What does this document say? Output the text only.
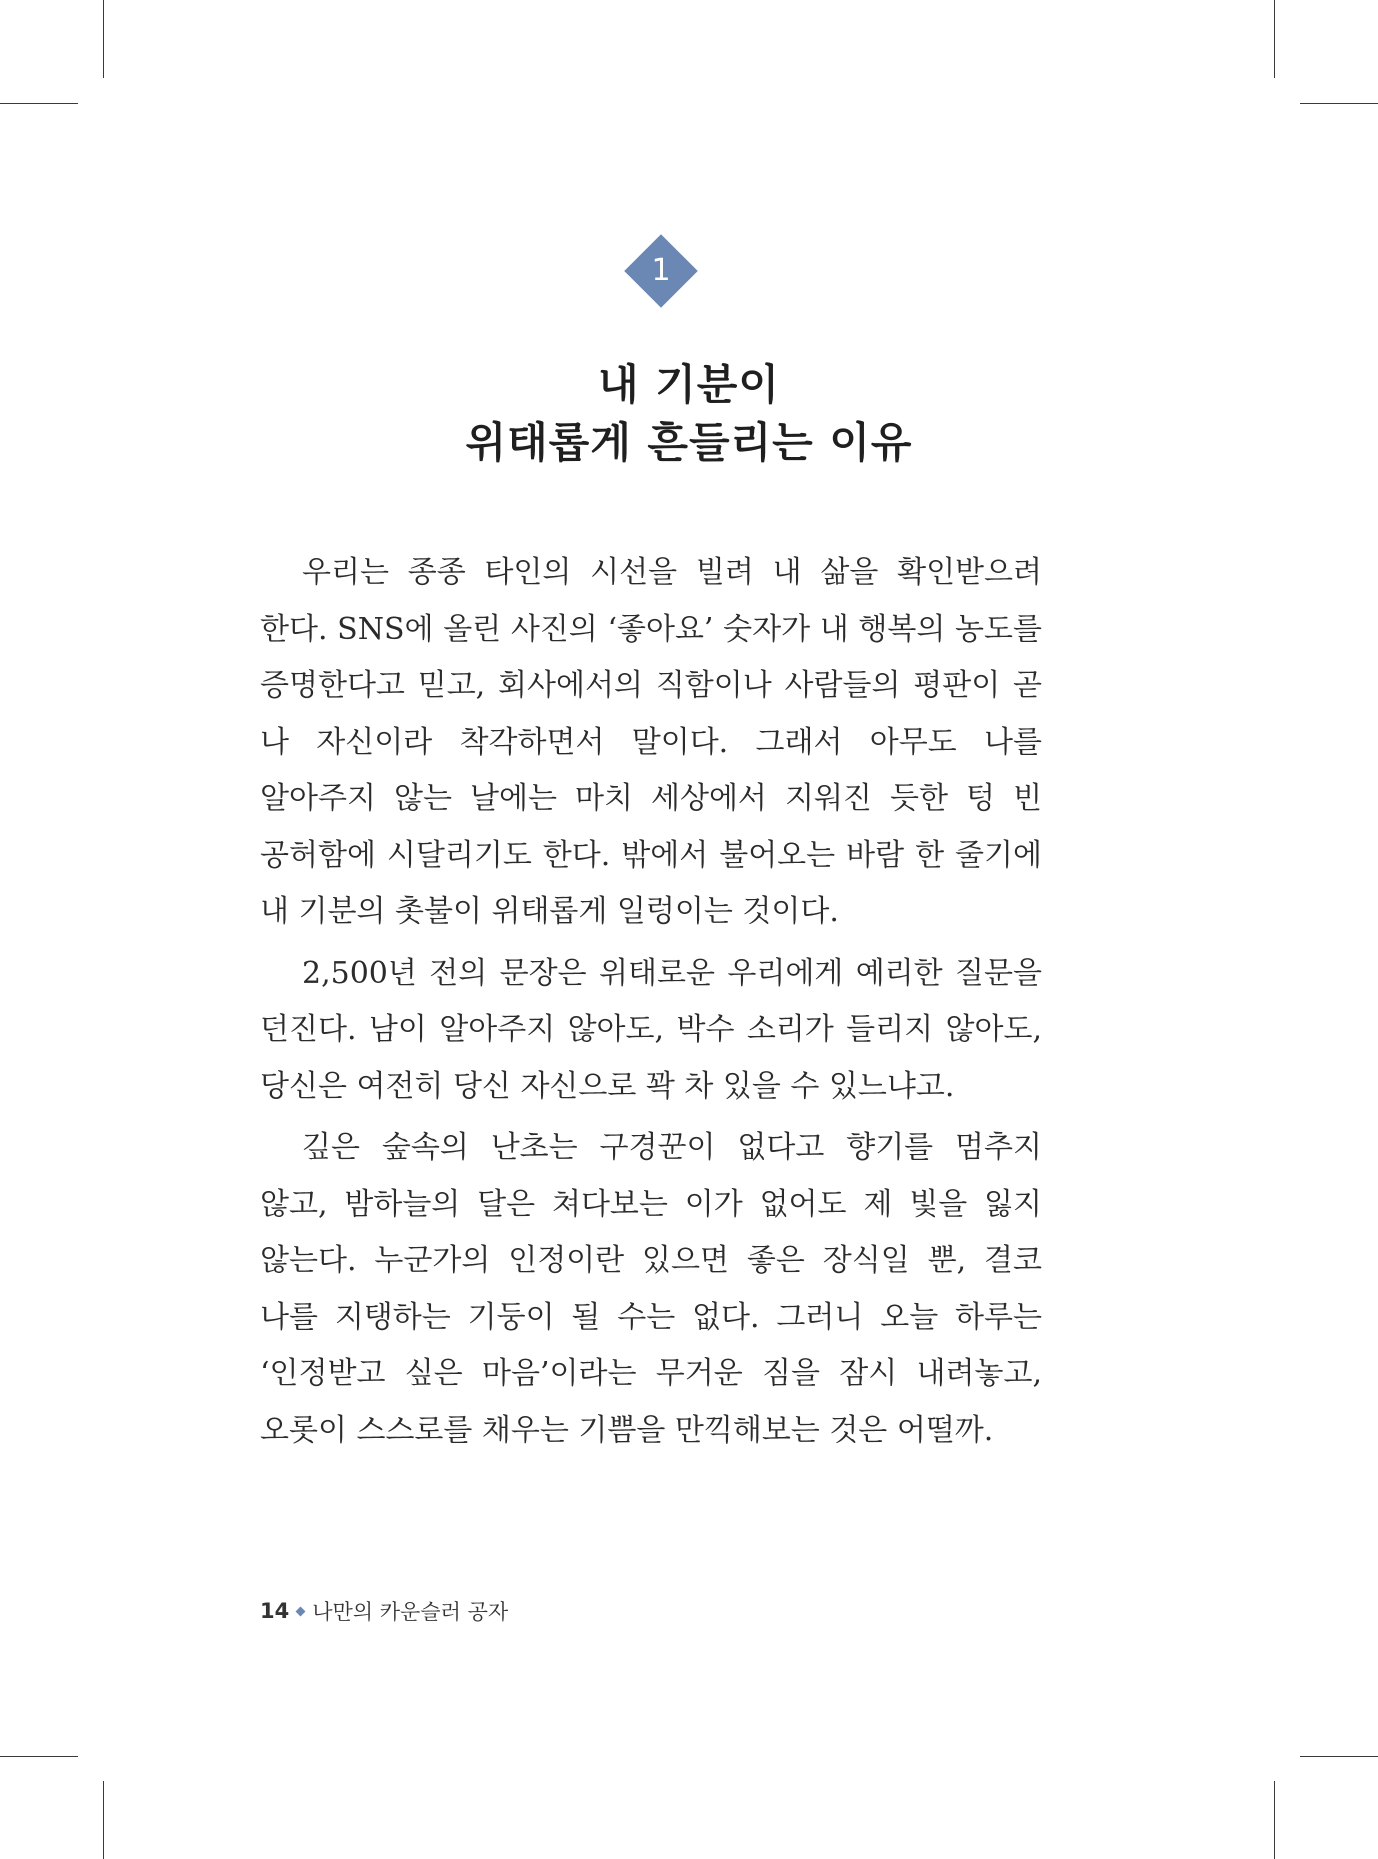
1
내 기분이
위태롭게 흔들리는 이유

우리는 종종 타인의 시선을 빌려 내 삶을 확인받으려 한다. SNS에 올린 사진의 ‘좋아요’ 숫자가 내 행복의 농도를 증명한다고 믿고, 회사에서의 직함이나 사람들의 평판이 곧 나 자신이라 착각하면서 말이다. 그래서 아무도 나를 알아주지 않는 날에는 마치 세상에서 지워진 듯한 텅 빈 공허함에 시달리기도 한다. 밖에서 불어오는 바람 한 줄기에 내 기분의 촛불이 위태롭게 일렁이는 것이다.

2,500년 전의 문장은 위태로운 우리에게 예리한 질문을 던진다. 남이 알아주지 않아도, 박수 소리가 들리지 않아도, 당신은 여전히 당신 자신으로 꽉 차 있을 수 있느냐고.

깊은 숲속의 난초는 구경꾼이 없다고 향기를 멈추지 않고, 밤하늘의 달은 쳐다보는 이가 없어도 제 빛을 잃지 않는다. 누군가의 인정이란 있으면 좋은 장식일 뿐, 결코 나를 지탱하는 기둥이 될 수는 없다. 그러니 오늘 하루는 ‘인정받고 싶은 마음’이라는 무거운 짐을 잠시 내려놓고, 오롯이 스스로를 채우는 기쁨을 만끽해보는 것은 어떨까.

14 나만의 카운슬러 공자
